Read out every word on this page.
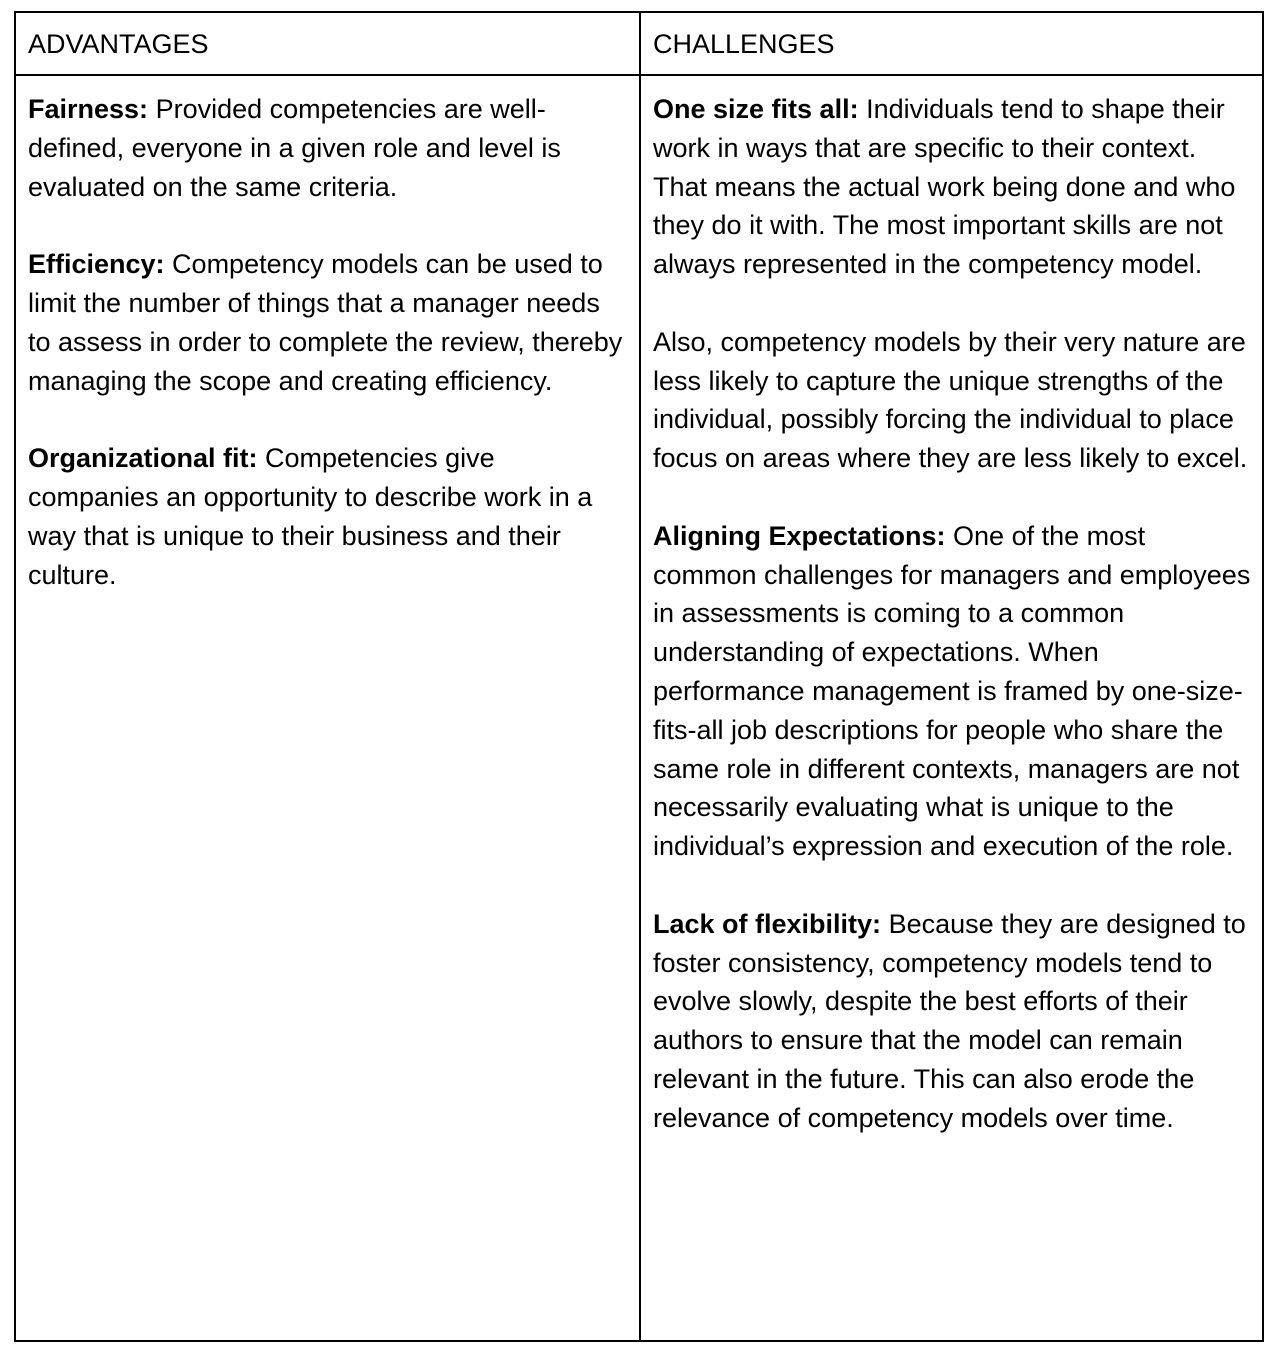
ADVANTAGES	CHALLENGES

Fairness: Provided competencies are well-defined, everyone in a given role and level is evaluated on the same criteria.

Efficiency: Competency models can be used to limit the number of things that a manager needs to assess in order to complete the review, thereby managing the scope and creating efficiency.

Organizational fit: Competencies give companies an opportunity to describe work in a way that is unique to their business and their culture.

One size fits all: Individuals tend to shape their work in ways that are specific to their context. That means the actual work being done and who they do it with. The most important skills are not always represented in the competency model.

Also, competency models by their very nature are less likely to capture the unique strengths of the individual, possibly forcing the individual to place focus on areas where they are less likely to excel.

Aligning Expectations: One of the most common challenges for managers and employees in assessments is coming to a common understanding of expectations. When performance management is framed by one-size-fits-all job descriptions for people who share the same role in different contexts, managers are not necessarily evaluating what is unique to the individual’s expression and execution of the role.

Lack of flexibility: Because they are designed to foster consistency, competency models tend to evolve slowly, despite the best efforts of their authors to ensure that the model can remain relevant in the future. This can also erode the relevance of competency models over time.
